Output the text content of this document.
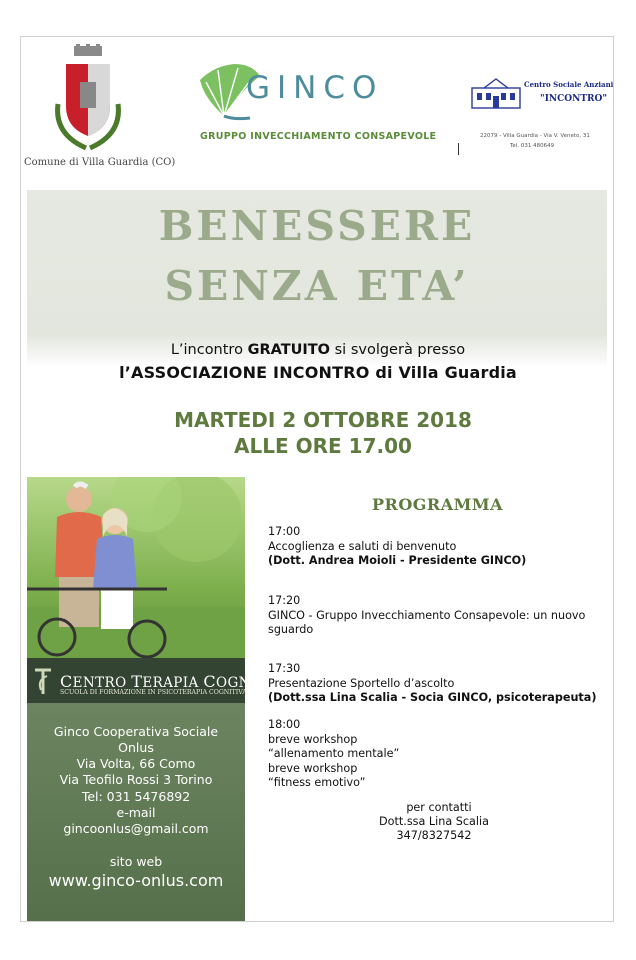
Comune di Villa Guardia (CO)
GINCO
GRUPPO INVECCHIAMENTO CONSAPEVOLE
Centro Sociale Anziani
"INCONTRO"
22079 - Villa Guardia - Via V. Veneto, 31
Tel. 031 480649
BENESSERE
SENZA ETA’
L’incontro GRATUITO si svolgerà presso
l’ASSOCIAZIONE INCONTRO di Villa Guardia
MARTEDI 2 OTTOBRE 2018
ALLE ORE 17.00
CENTRO TERAPIA COGNITIVA
SCUOLA DI FORMAZIONE IN PSICOTERAPIA COGNITIVA
Ginco Cooperativa Sociale
Onlus
Via Volta, 66 Como
Via Teofilo Rossi 3 Torino
Tel: 031 5476892
e-mail
gincoonlus@gmail.com
sito web
www.ginco-onlus.com
PROGRAMMA
17:00
Accoglienza e saluti di benvenuto
(Dott. Andrea Moioli - Presidente GINCO)
17:20
GINCO - Gruppo Invecchiamento Consapevole: un nuovo
sguardo
17:30
Presentazione Sportello d’ascolto
(Dott.ssa Lina Scalia - Socia GINCO, psicoterapeuta)
18:00
breve workshop
“allenamento mentale”
breve workshop
“fitness emotivo”
per contatti
Dott.ssa Lina Scalia
347/8327542
